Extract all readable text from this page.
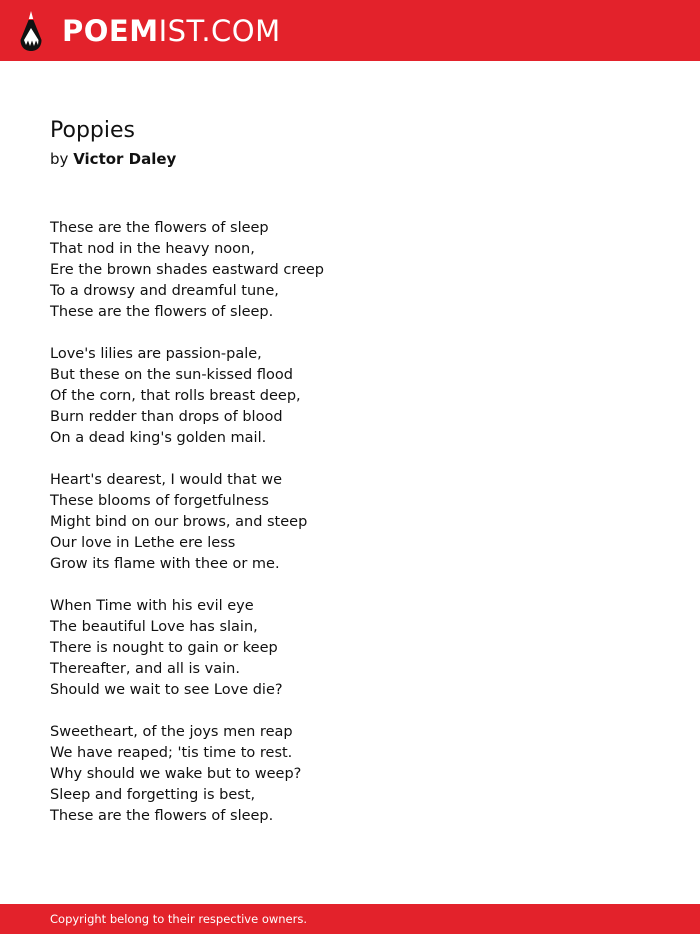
POEMIST.COM
Poppies
by Victor Daley

These are the flowers of sleep
That nod in the heavy noon,
Ere the brown shades eastward creep
To a drowsy and dreamful tune,
These are the flowers of sleep.

Love's lilies are passion-pale,
But these on the sun-kissed flood
Of the corn, that rolls breast deep,
Burn redder than drops of blood
On a dead king's golden mail.

Heart's dearest, I would that we
These blooms of forgetfulness
Might bind on our brows, and steep
Our love in Lethe ere less
Grow its flame with thee or me.

When Time with his evil eye
The beautiful Love has slain,
There is nought to gain or keep
Thereafter, and all is vain.
Should we wait to see Love die?

Sweetheart, of the joys men reap
We have reaped; 'tis time to rest.
Why should we wake but to weep?
Sleep and forgetting is best,
These are the flowers of sleep.

Copyright belong to their respective owners.
